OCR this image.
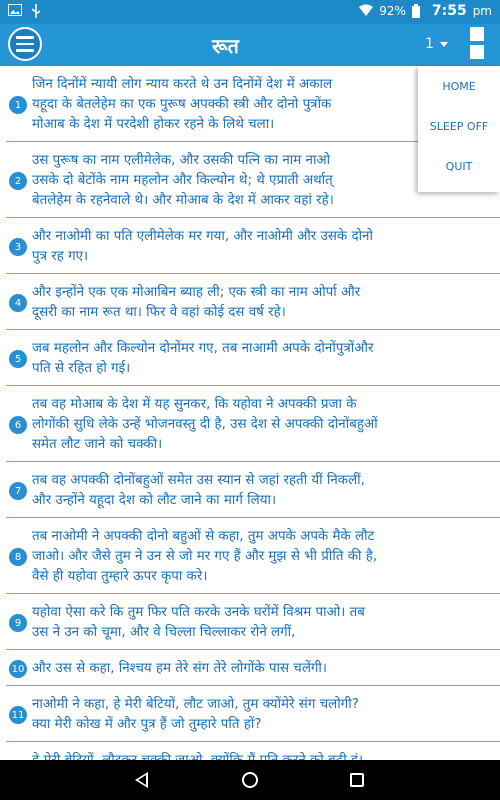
92% 7:55 pm
रूत	1
1
जिन दिनोंमें न्यायी लोग न्याय करते थे उन दिनोंमें देश में अकाल
यहूदा के बेतलेहेम का एक पुरूष अपक्की स्त्री और दोनो पुत्रोंक
मोआब के देश में परदेशी होकर रहने के लिथे चला।
2
उस पुरूष का नाम एलीमेलेक, और उसकी पत्नि का नाम नाओ
उसके दो बेटोंके नाम महलोन और किल्योन थे; थे एप्राती अर्थात्
बेतलेहेम के रहनेवाले थे। और मोआब के देश में आकर वहां रहे।
3
और नाओमी का पति एलीमेलेक मर गया, और नाओमी और उसके दोनो
पुत्र रह गए।
4
और इन्होंने एक एक मोआबिन ब्याह ली; एक स्त्री का नाम ओर्पा और
दूसरी का नाम रूत था। फिर वे वहां कोई दस वर्ष रहे।
5
जब महलोन और किल्योन दोनोंमर गए, तब नाआमी अपके दोनोंपुत्रोंऔर
पति से रहित हो गई।
6
तब वह मोआब के देश में यह सुनकर, कि यहोवा ने अपक्की प्रजा के
लोगोंकी सुधि लेके उन्हें भोजनवस्तु दी है, उस देश से अपक्की दोनोंबहुओं
समेत लौट जाने को चक्की।
7
तब वह अपक्की दोनोंबहुओं समेत उस स्यान से जहां रहती यीं निकलीं,
और उन्होंने यहूदा देश को लौट जाने का मार्ग लिया।
8
तब नाओमी ने अपक्की दोनो बहुओं से कहा, तुम अपके अपके मैके लौट
जाओ। और जैसे तुम ने उन से जो मर गए हैं और मुझ से भी प्रीति की है,
वैसे ही यहोवा तुम्हारे ऊपर कृपा करे।
9
यहोवा ऐसा करे कि तुम फिर पति करके उनके घरोंमें विश्रम पाओ। तब
उस ने उन को चूमा, और वे चिल्ला चिल्लाकर रोने लगीं,
10 और उस से कहा, निश्‍चय हम तेरे संग तेरे लोगोंके पास चलेंगी।
11
नाओमी ने कहा, हे मेरी बेटियों, लौट जाओ, तुम क्योंमेरे संग चलोगी?
क्या मेरी कोख में और पुत्र हैं जो तुम्हारे पति हों?
HOME
SLEEP OFF
QUIT
